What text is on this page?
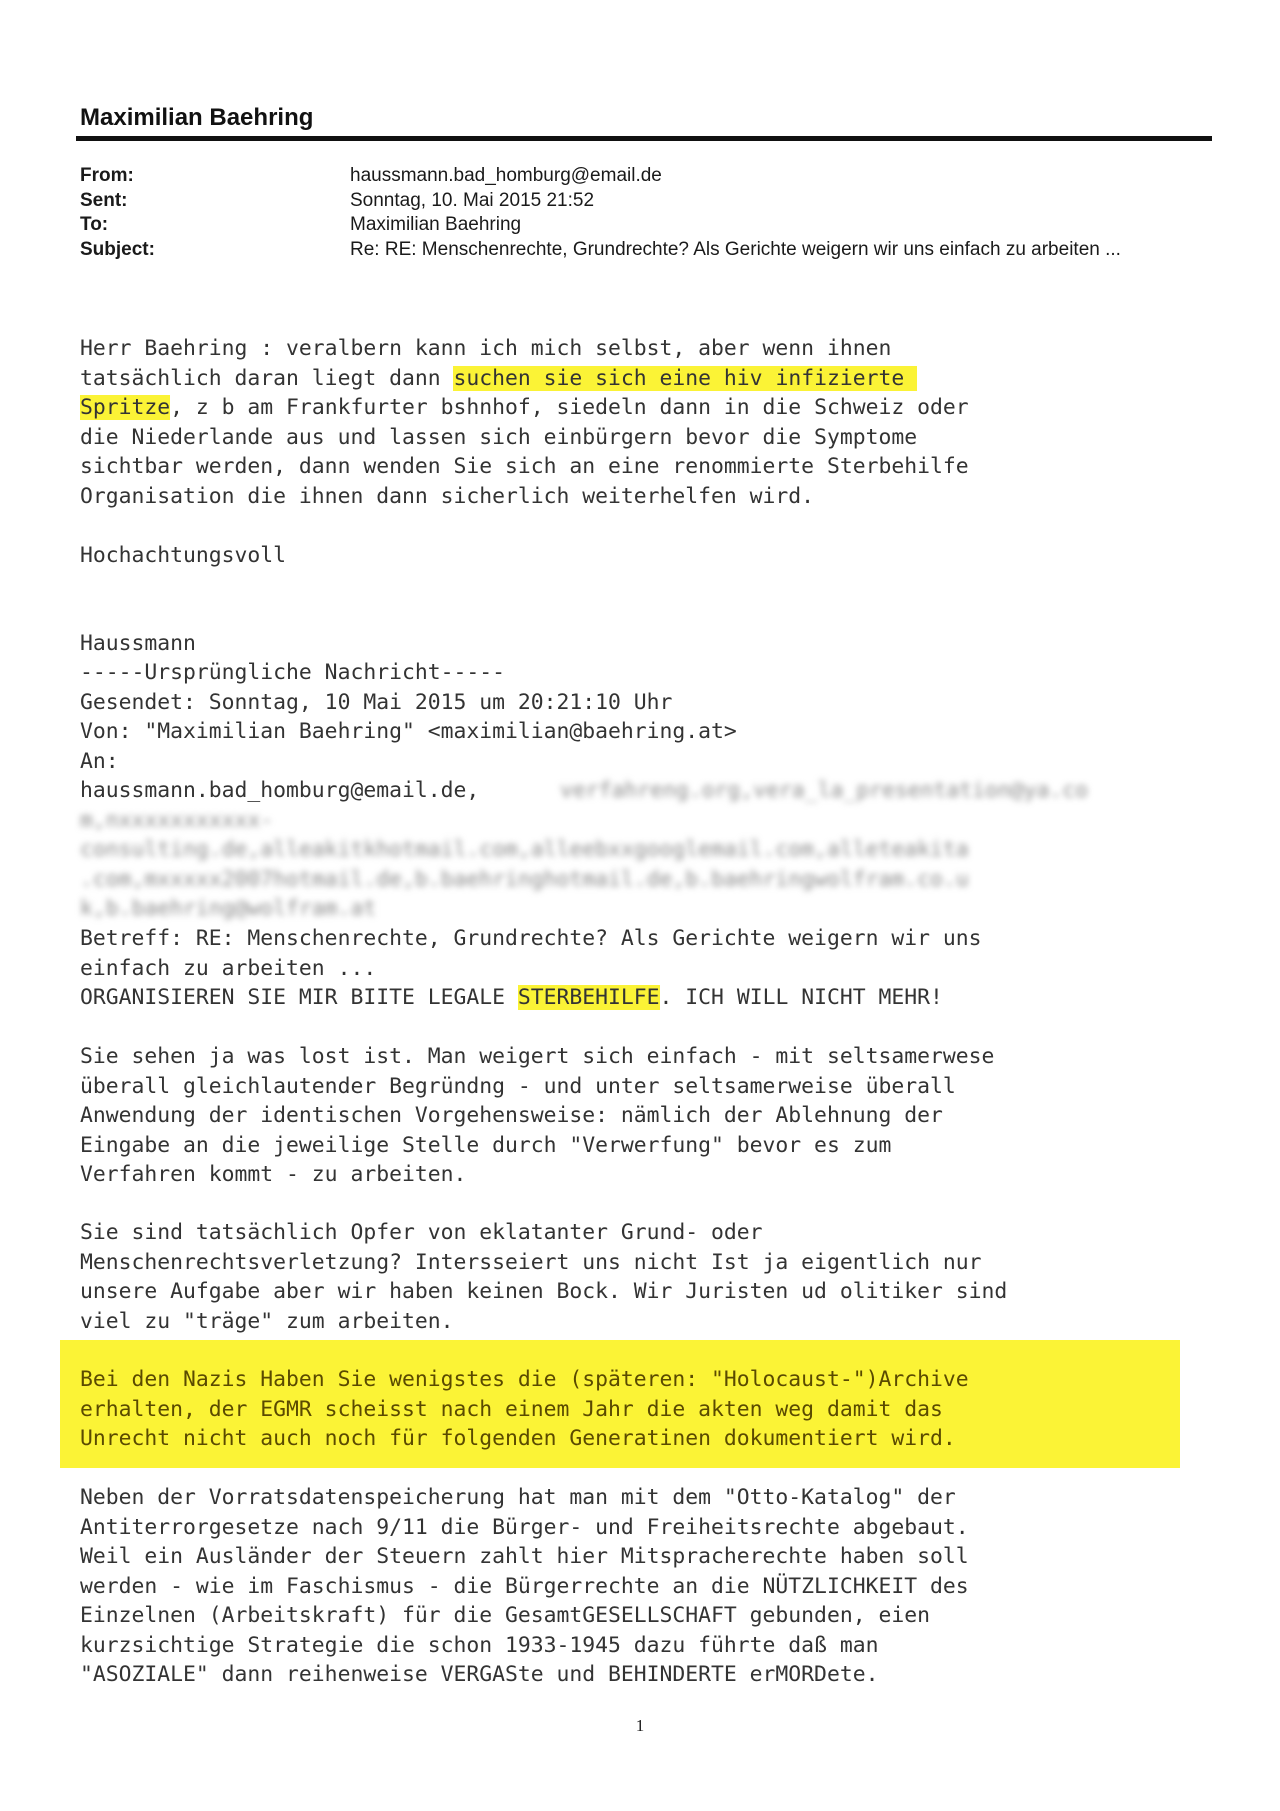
Maximilian Baehring
From:	haussmann.bad_homburg@email.de
Sent:	Sonntag, 10. Mai 2015 21:52
To:	Maximilian Baehring
Subject:	Re: RE: Menschenrechte, Grundrechte? Als Gerichte weigern wir uns einfach zu arbeiten ...
Herr Baehring : veralbern kann ich mich selbst, aber wenn ihnen
tatsächlich daran liegt dann suchen sie sich eine hiv infizierte
Spritze, z b am Frankfurter bshnhof, siedeln dann in die Schweiz oder
die Niederlande aus und lassen sich einbürgern bevor die Symptome
sichtbar werden, dann wenden Sie sich an eine renommierte Sterbehilfe
Organisation die ihnen dann sicherlich weiterhelfen wird.
Hochachtungsvoll
Haussmann
-----Ursprüngliche Nachricht-----
Gesendet: Sonntag, 10 Mai 2015 um 20:21:10 Uhr
Von: "Maximilian Baehring" <maximilian@baehring.at>
An:
haussmann.bad_homburg@email.de,	verfahreng.org,vera_la_presentation@ya.co
m,nxxxxxxxxxxx-
consulting.de,alleakitkhotmail.com,alleebxxgooglemail.com,alleteakita
.com,mxxxxx2007hotmail.de,b.baehringhotmail.de,b.baehringwolfram.co.u
k,b.baehring@wolfram.at
Betreff: RE: Menschenrechte, Grundrechte? Als Gerichte weigern wir uns
einfach zu arbeiten ...
ORGANISIEREN SIE MIR BIITE LEGALE STERBEHILFE. ICH WILL NICHT MEHR!
Sie sehen ja was lost ist. Man weigert sich einfach - mit seltsamerwese
überall gleichlautender Begründng - und unter seltsamerweise überall
Anwendung der identischen Vorgehensweise: nämlich der Ablehnung der
Eingabe an die jeweilige Stelle durch "Verwerfung" bevor es zum
Verfahren kommt - zu arbeiten.
Sie sind tatsächlich Opfer von eklatanter Grund- oder
Menschenrechtsverletzung? Intersseiert uns nicht Ist ja eigentlich nur
unsere Aufgabe aber wir haben keinen Bock. Wir Juristen ud olitiker sind
viel zu "träge" zum arbeiten.
Bei den Nazis Haben Sie wenigstes die (späteren: "Holocaust-")Archive
erhalten, der EGMR scheisst nach einem Jahr die akten weg damit das
Unrecht nicht auch noch für folgenden Generatinen dokumentiert wird.
Neben der Vorratsdatenspeicherung hat man mit dem "Otto-Katalog" der
Antiterrorgesetze nach 9/11 die Bürger- und Freiheitsrechte abgebaut.
Weil ein Ausländer der Steuern zahlt hier Mitspracherechte haben soll
werden - wie im Faschismus - die Bürgerrechte an die NÜTZLICHKEIT des
Einzelnen (Arbeitskraft) für die GesamtGESELLSCHAFT gebunden, eien
kurzsichtige Strategie die schon 1933-1945 dazu führte daß man
"ASOZIALE" dann reihenweise VERGASte und BEHINDERTE erMORDete.
1
